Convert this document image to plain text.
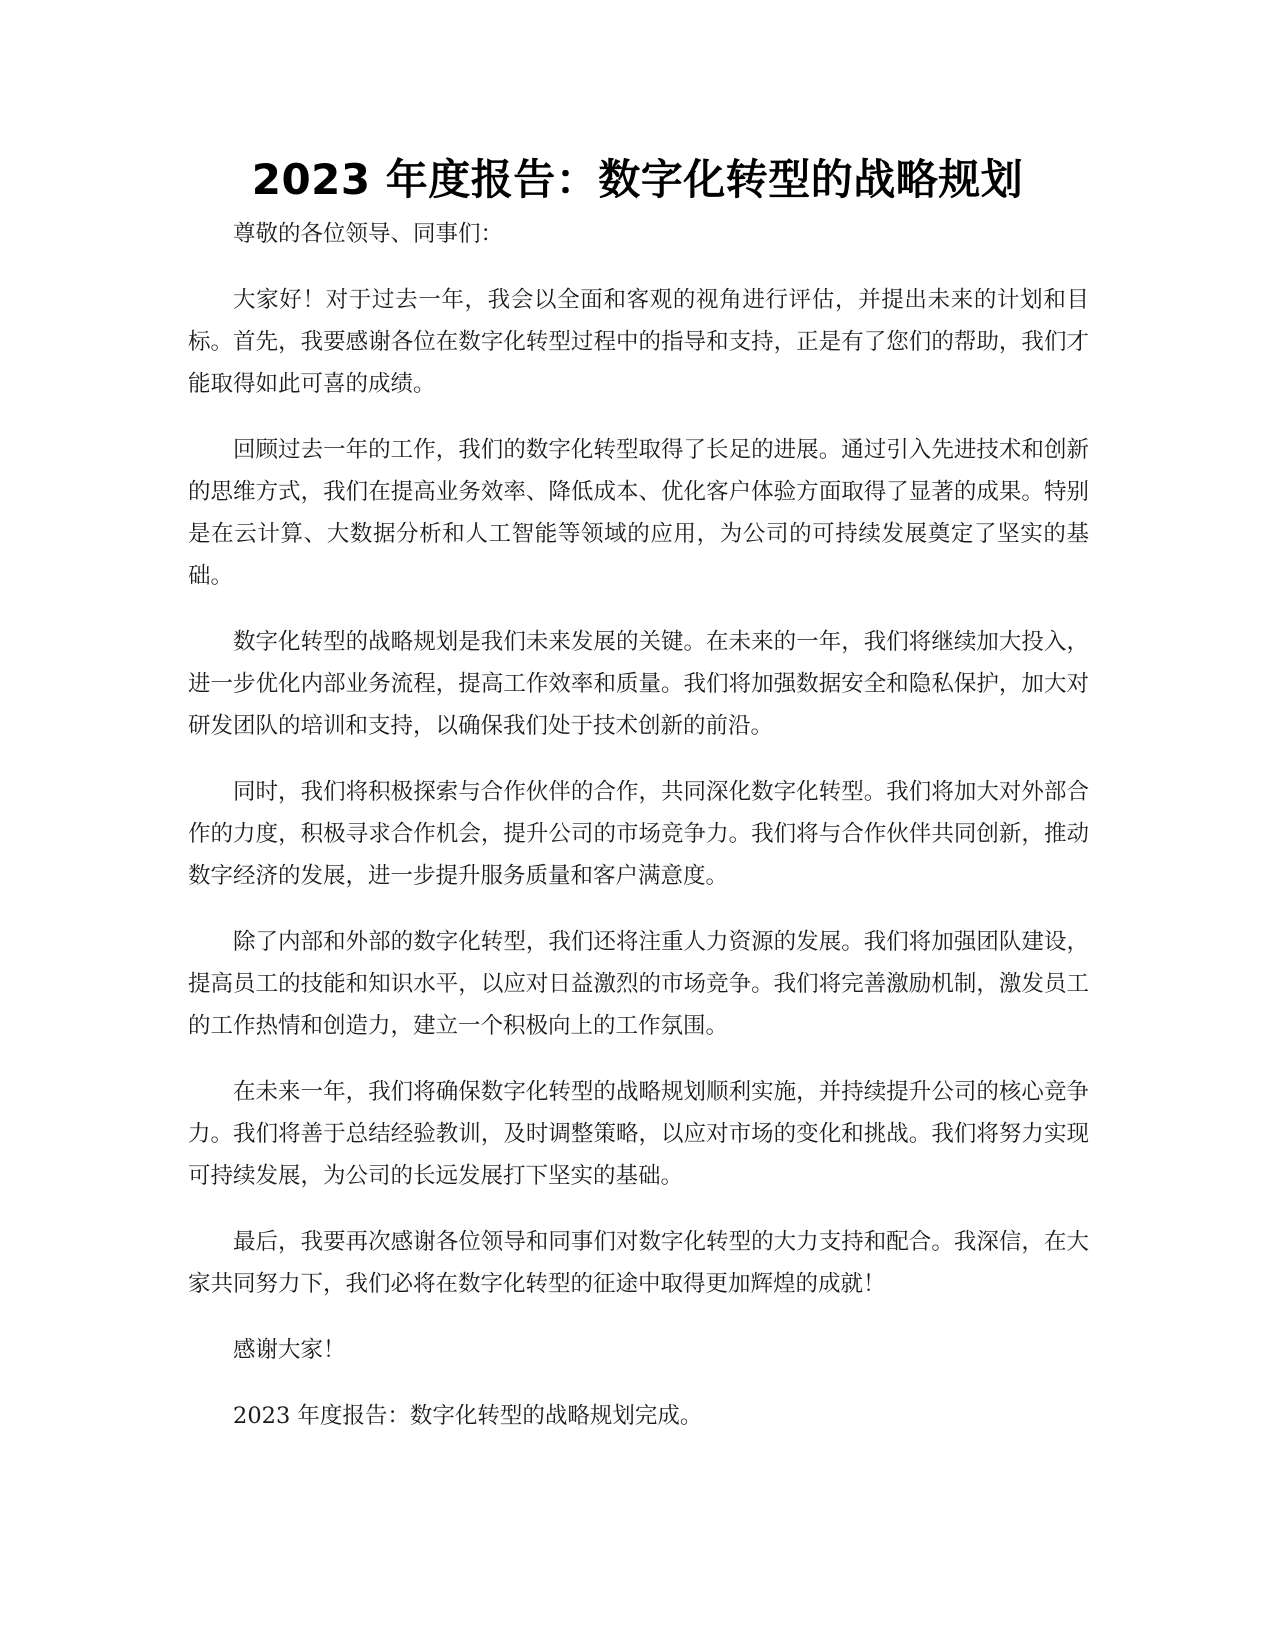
2023 年度报告：数字化转型的战略规划

尊敬的各位领导、同事们：

大家好！对于过去一年，我会以全面和客观的视角进行评估，并提出未来的计划和目标。首先，我要感谢各位在数字化转型过程中的指导和支持，正是有了您们的帮助，我们才能取得如此可喜的成绩。

回顾过去一年的工作，我们的数字化转型取得了长足的进展。通过引入先进技术和创新的思维方式，我们在提高业务效率、降低成本、优化客户体验方面取得了显著的成果。特别是在云计算、大数据分析和人工智能等领域的应用，为公司的可持续发展奠定了坚实的基础。

数字化转型的战略规划是我们未来发展的关键。在未来的一年，我们将继续加大投入，进一步优化内部业务流程，提高工作效率和质量。我们将加强数据安全和隐私保护，加大对研发团队的培训和支持，以确保我们处于技术创新的前沿。

同时，我们将积极探索与合作伙伴的合作，共同深化数字化转型。我们将加大对外部合作的力度，积极寻求合作机会，提升公司的市场竞争力。我们将与合作伙伴共同创新，推动数字经济的发展，进一步提升服务质量和客户满意度。

除了内部和外部的数字化转型，我们还将注重人力资源的发展。我们将加强团队建设，提高员工的技能和知识水平，以应对日益激烈的市场竞争。我们将完善激励机制，激发员工的工作热情和创造力，建立一个积极向上的工作氛围。

在未来一年，我们将确保数字化转型的战略规划顺利实施，并持续提升公司的核心竞争力。我们将善于总结经验教训，及时调整策略，以应对市场的变化和挑战。我们将努力实现可持续发展，为公司的长远发展打下坚实的基础。

最后，我要再次感谢各位领导和同事们对数字化转型的大力支持和配合。我深信，在大家共同努力下，我们必将在数字化转型的征途中取得更加辉煌的成就！

感谢大家！

2023 年度报告：数字化转型的战略规划完成。
